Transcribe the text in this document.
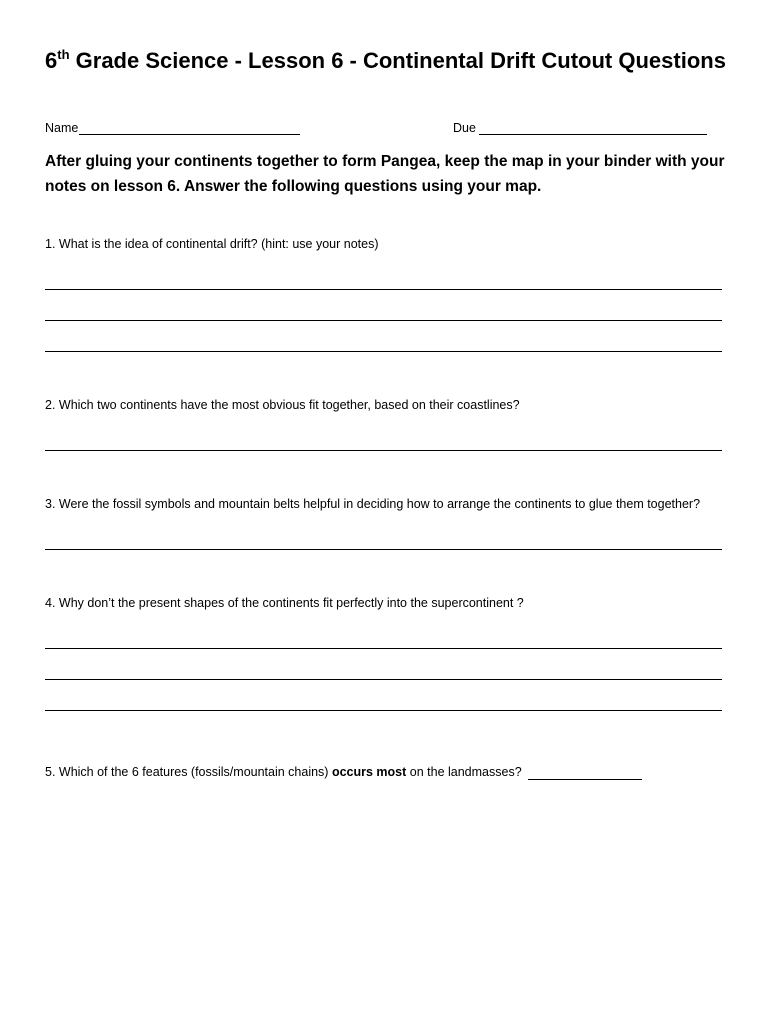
6th Grade Science - Lesson 6 - Continental Drift Cutout Questions
Name	Due
After gluing your continents together to form Pangea, keep the map in your binder with your notes on lesson 6. Answer the following questions using your map.
1. What is the idea of continental drift? (hint: use your notes)
2. Which two continents have the most obvious fit together, based on their coastlines?
3. Were the fossil symbols and mountain belts helpful in deciding how to arrange the continents to glue them together?
4. Why don’t the present shapes of the continents fit perfectly into the supercontinent ?
5. Which of the 6 features (fossils/mountain chains) occurs most on the landmasses?
